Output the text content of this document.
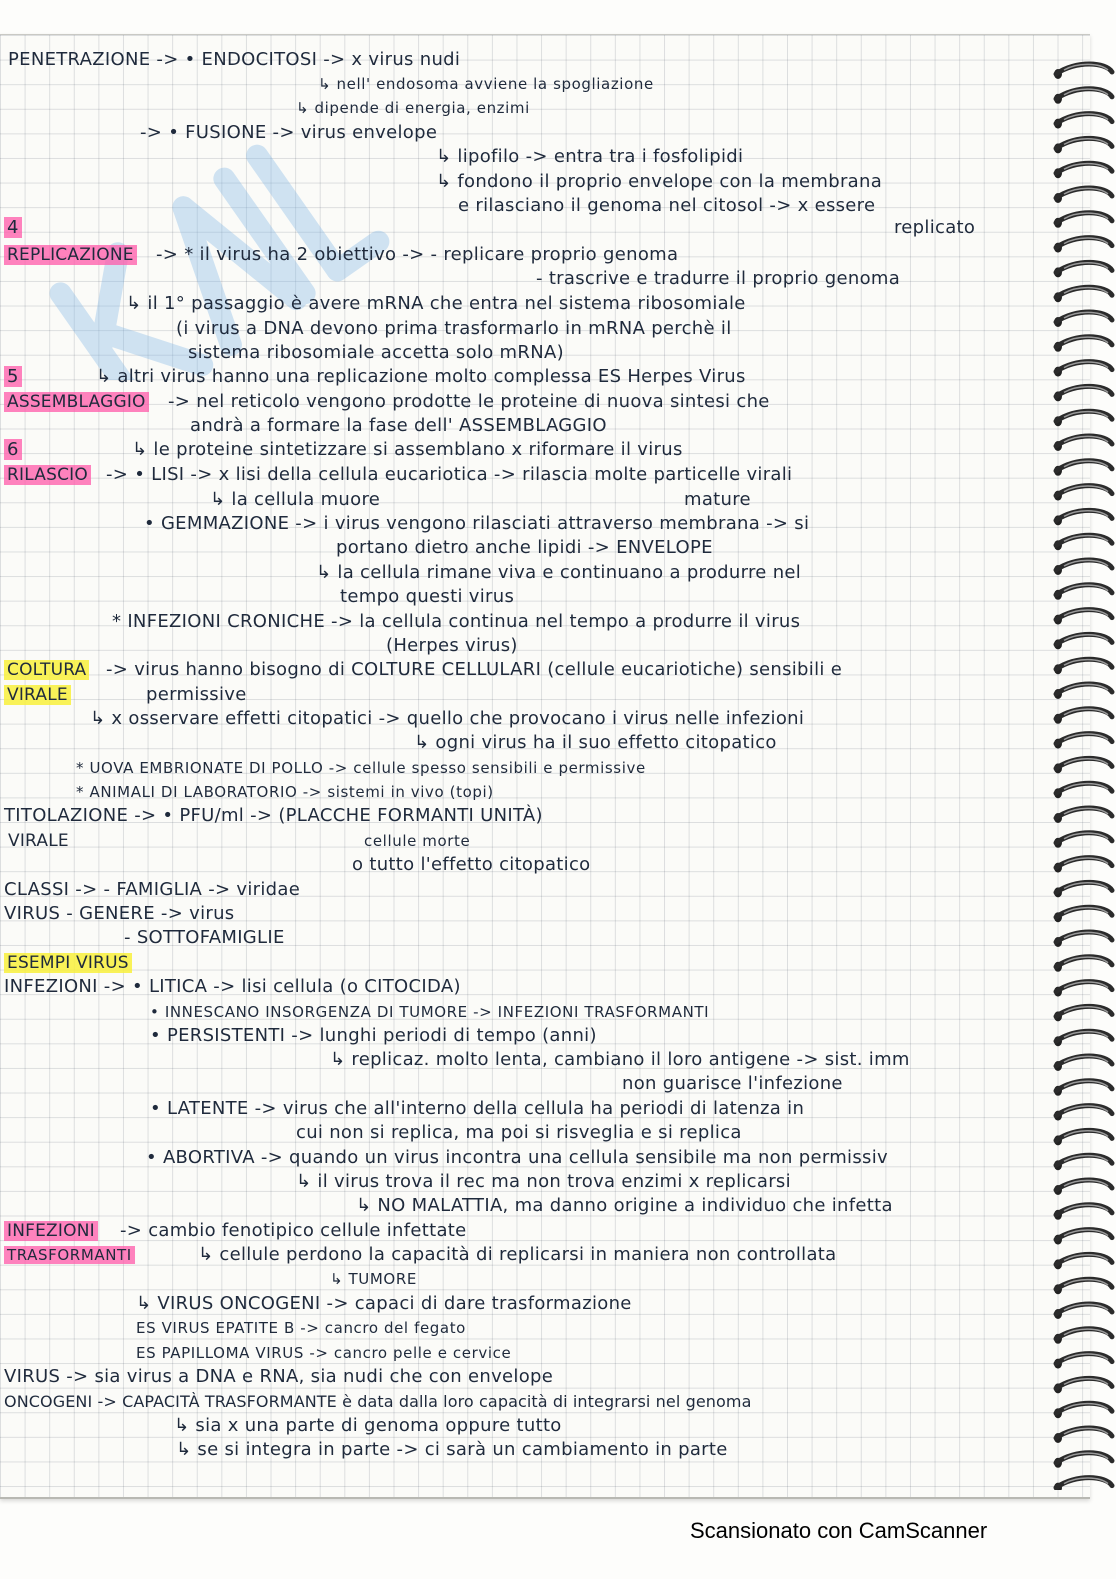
PENETRAZIONE -> • ENDOCITOSI -> x virus nudi
↳ nell' endosoma avviene la spogliazione
↳ dipende di energia, enzimi
-> • FUSIONE -> virus envelope
↳ lipofilo -> entra tra i fosfolipidi
↳ fondono il proprio envelope con la membrana
e rilasciano il genoma nel citosol -> x essere
replicato
4
REPLICAZIONE -> * il virus ha 2 obiettivo -> - replicare proprio genoma
- trascrive e tradurre il proprio genoma
↳ il 1° passaggio è avere mRNA che entra nel sistema ribosomiale
(i virus a DNA devono prima trasformarlo in mRNA perchè il
sistema ribosomiale accetta solo mRNA)
5	↳ altri virus hanno una replicazione molto complessa ES Herpes Virus
ASSEMBLAGGIO -> nel reticolo vengono prodotte le proteine di nuova sintesi che
andrà a formare la fase dell' ASSEMBLAGGIO
6	↳ le proteine sintetizzare si assemblano x riformare il virus
RILASCIO -> • LISI -> x lisi della cellula eucariotica -> rilascia molte particelle virali
↳ la cellula muore	mature
• GEMMAZIONE -> i virus vengono rilasciati attraverso membrana -> si
portano dietro anche lipidi -> ENVELOPE
↳ la cellula rimane viva e continuano a produrre nel
tempo questi virus
* INFEZIONI CRONICHE -> la cellula continua nel tempo a produrre il virus
(Herpes virus)
COLTURA -> virus hanno bisogno di COLTURE CELLULARI (cellule eucariotiche) sensibili e
VIRALE	permissive
↳ x osservare effetti citopatici -> quello che provocano i virus nelle infezioni
↳ ogni virus ha il suo effetto citopatico
* UOVA EMBRIONATE DI POLLO -> cellule spesso sensibili e permissive
* ANIMALI DI LABORATORIO -> sistemi in vivo (topi)
TITOLAZIONE -> • PFU/ml -> (PLACCHE FORMANTI UNITÀ)
VIRALE	cellule morte
o tutto l'effetto citopatico
CLASSI -> - FAMIGLIA -> viridae
VIRUS - GENERE -> virus
- SOTTOFAMIGLIE
ESEMPI VIRUS
INFEZIONI -> • LITICA -> lisi cellula (o CITOCIDA)
• INNESCANO INSORGENZA DI TUMORE -> INFEZIONI TRASFORMANTI
• PERSISTENTI -> lunghi periodi di tempo (anni)
↳ replicaz. molto lenta, cambiano il loro antigene -> sist. imm
non guarisce l'infezione
• LATENTE -> virus che all'interno della cellula ha periodi di latenza in
cui non si replica, ma poi si risveglia e si replica
• ABORTIVA -> quando un virus incontra una cellula sensibile ma non permissiv
↳ il virus trova il rec ma non trova enzimi x replicarsi
↳ NO MALATTIA, ma danno origine a individuo che infetta
INFEZIONI -> cambio fenotipico cellule infettate
TRASFORMANTI	↳ cellule perdono la capacità di replicarsi in maniera non controllata
↳ TUMORE
↳ VIRUS ONCOGENI -> capaci di dare trasformazione
ES VIRUS EPATITE B -> cancro del fegato
ES PAPILLOMA VIRUS -> cancro pelle e cervice
VIRUS -> sia virus a DNA e RNA, sia nudi che con envelope
ONCOGENI -> CAPACITÀ TRASFORMANTE è data dalla loro capacità di integrarsi nel genoma
↳ sia x una parte di genoma oppure tutto
↳ se si integra in parte -> ci sarà un cambiamento in parte
Scansionato con CamScanner
